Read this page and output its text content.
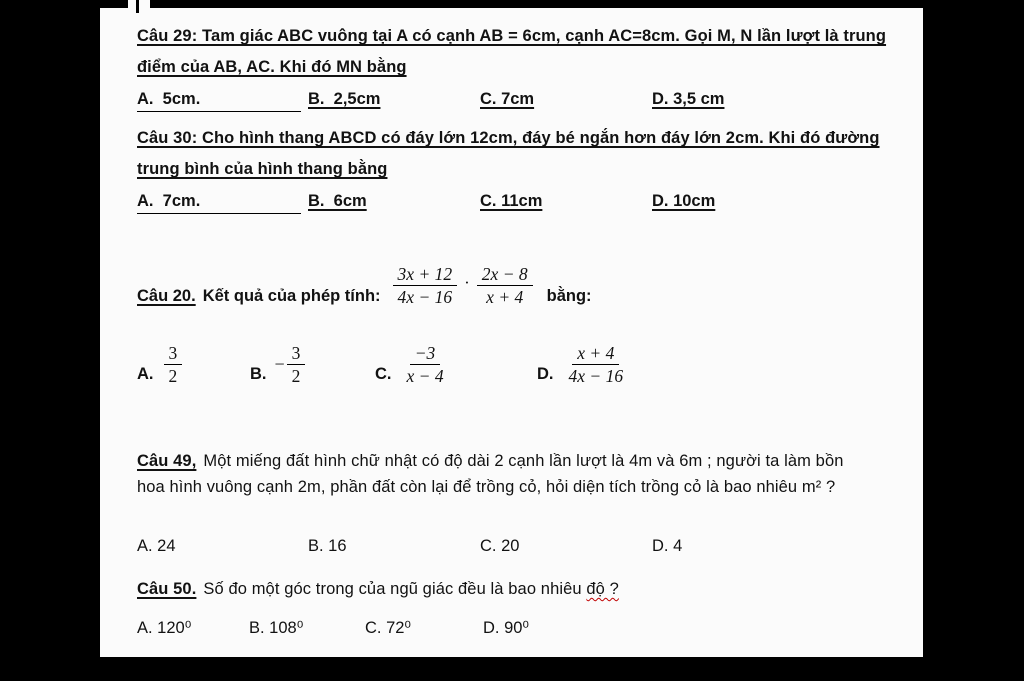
Câu 29: Tam giác ABC vuông tại A có cạnh AB = 6cm, cạnh AC=8cm. Gọi M, N lần lượt là trung điểm của AB, AC. Khi đó MN bằng
A.  5cm.	B.  2,5cm	C. 7cm	D. 3,5 cm
Câu 30: Cho hình thang ABCD có đáy lớn 12cm, đáy bé ngắn hơn đáy lớn 2cm. Khi đó đường trung bình của hình thang bằng
A.  7cm.	B.  6cm	C. 11cm	D. 10cm
Câu 20. Kết quả của phép tính: $\frac{3x + 12}{4x - 16} \cdot \frac{2x - 8}{x + 4}$ bằng:
A. $\frac{3}{2}$	B. − $\frac{3}{2}$	C. $\frac{-3}{x - 4}$	D. $\frac{x + 4}{4x - 16}$
Câu 49, Một miếng đất hình chữ nhật có độ dài 2 cạnh lần lượt là 4m và 6m ; người ta làm bồn hoa hình vuông cạnh 2m, phần đất còn lại để trồng cỏ, hỏi diện tích trồng cỏ là bao nhiêu m² ?
A. 24	B. 16	C. 20	D. 4
Câu 50. Số đo một góc trong của ngũ giác đều là bao nhiêu độ ?
A. 120⁰	B. 108⁰	C. 72⁰	D. 90⁰
